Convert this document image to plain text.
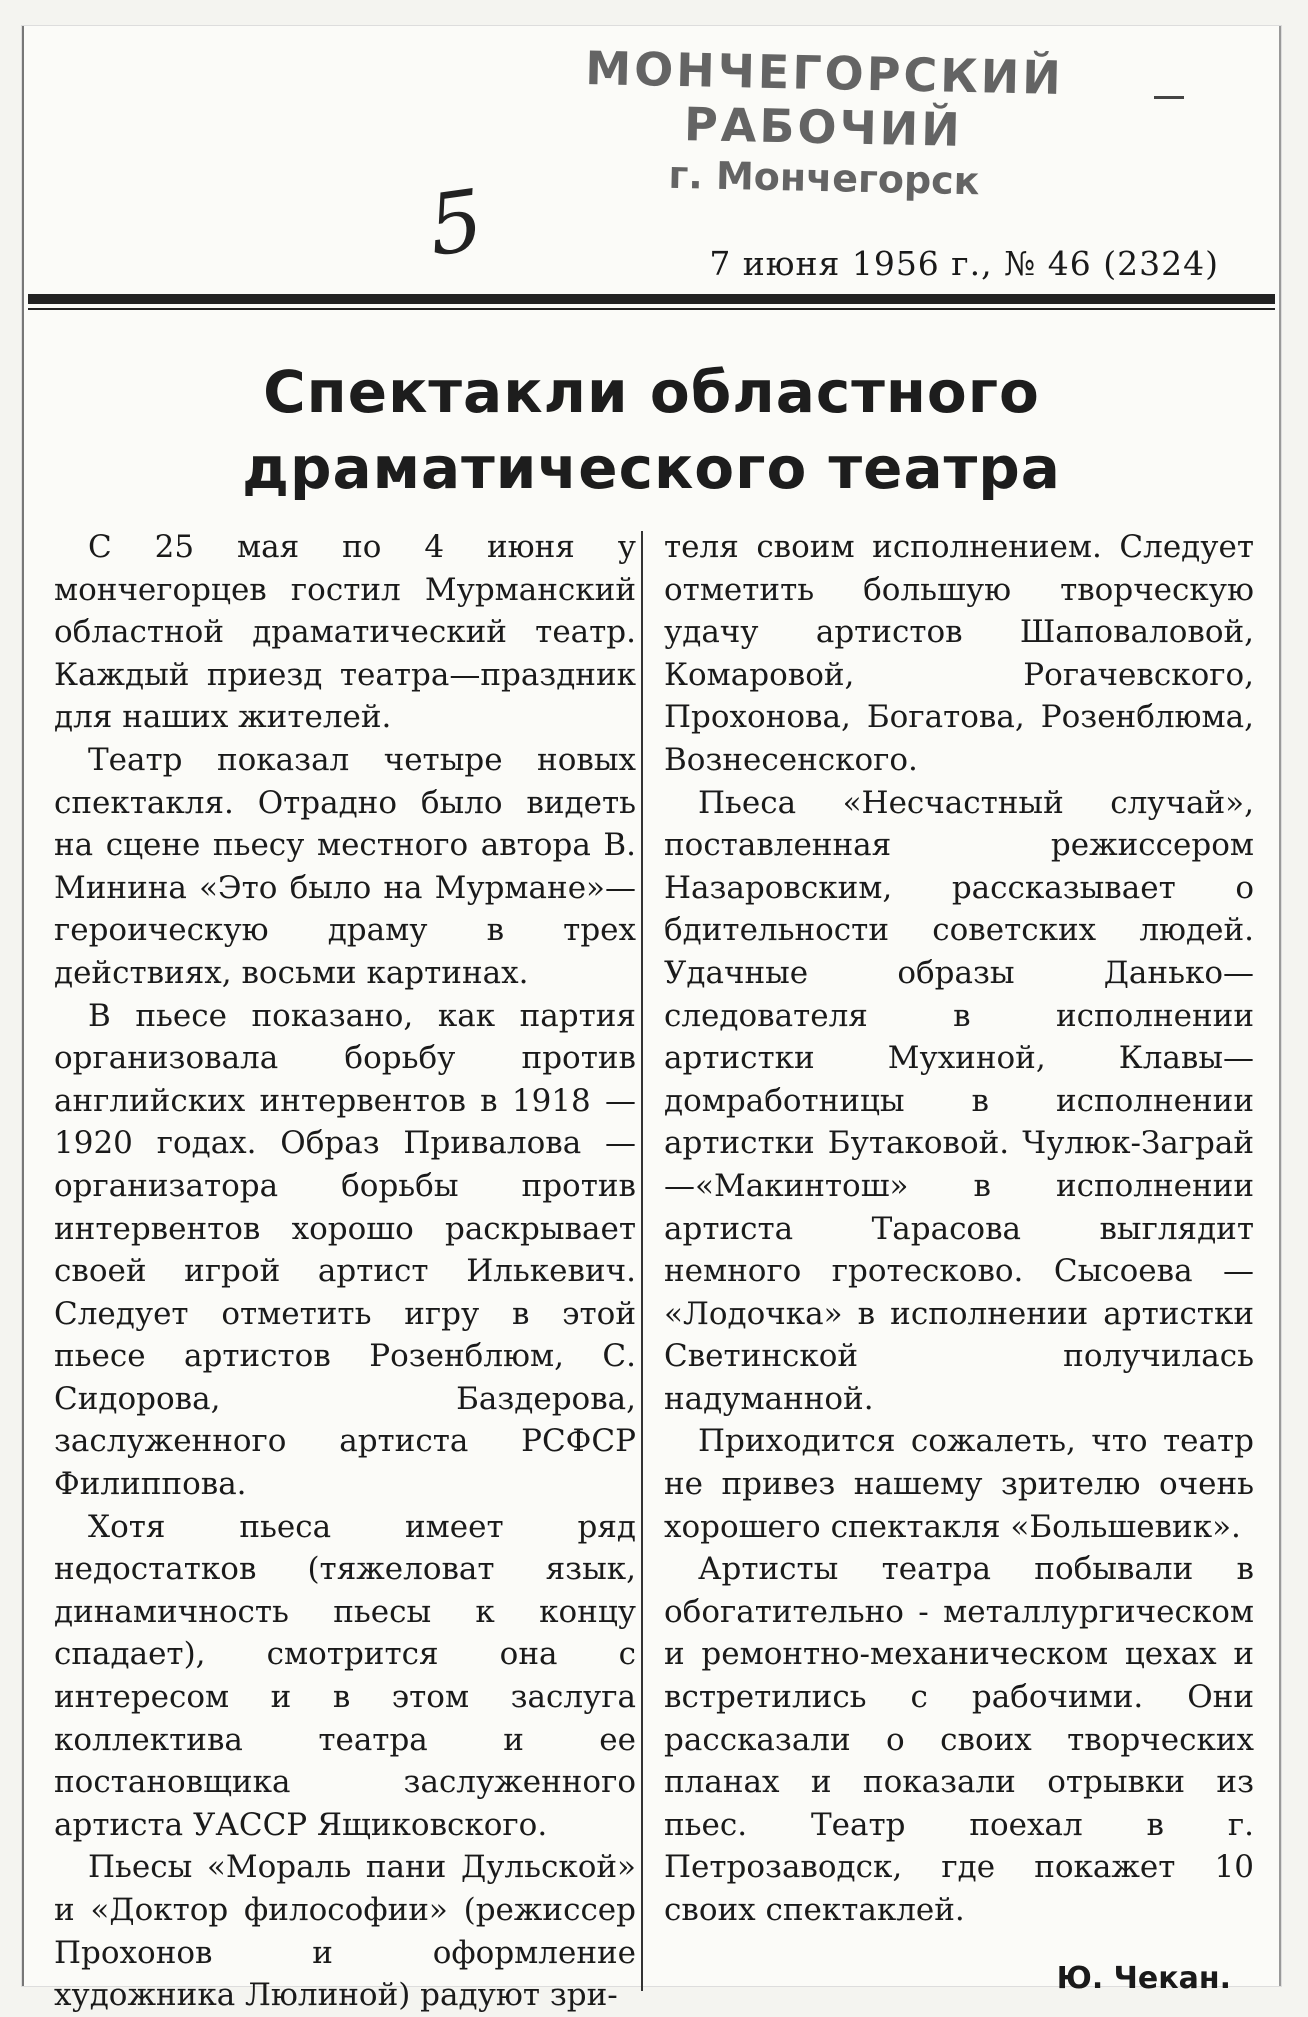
МОНЧЕГОРСКИЙ РАБОЧИЙ
г. Мончегорск
5	7 июня 1956 г., № 46 (2324)
Спектакли областного
драматического театра

С 25 мая по 4 июня у мончегорцев гостил Мурманский областной драматический театр. Каждый приезд театра—праздник для наших жителей.

Театр показал четыре новых спектакля. Отрадно было видеть на сцене пьесу местного автора В. Минина «Это было на Мурмане»—героическую драму в трех действиях, восьми картинах.

В пьесе показано, как партия организовала борьбу против английских интервентов в 1918 — 1920 годах. Образ Привалова — организатора борьбы против интервентов хорошо раскрывает своей игрой артист Илькевич. Следует отметить игру в этой пьесе артистов Розенблюм, С. Сидорова, Баздерова, заслуженного артиста РСФСР Филиппова.

Хотя пьеса имеет ряд недостатков (тяжеловат язык, динамичность пьесы к концу спадает), смотрится она с интересом и в этом заслуга коллектива театра и ее постановщика заслуженного артиста УАССР Ящиковского.

Пьесы «Мораль пани Дульской» и «Доктор философии» (режиссер Прохонов и оформление художника Люлиной) радуют зри-

теля своим исполнением. Следует отметить большую творческую удачу артистов Шаповаловой, Комаровой, Рогачевского, Прохонова, Богатова, Розенблюма, Вознесенского.

Пьеса «Несчастный случай», поставленная режиссером Назаровским, рассказывает о бдительности советских людей. Удачные образы Данько—следователя в исполнении артистки Мухиной, Клавы—домработницы в исполнении артистки Бутаковой. Чулюк-Заграй—«Макинтош» в исполнении артиста Тарасова выглядит немного гротесково. Сысоева — «Лодочка» в исполнении артистки Светинской получилась надуманной.

Приходится сожалеть, что театр не привез нашему зрителю очень хорошего спектакля «Большевик».

Артисты театра побывали в обогатительно - металлургическом и ремонтно-механическом цехах и встретились с рабочими. Они рассказали о своих творческих планах и показали отрывки из пьес. Театр поехал в г. Петрозаводск, где покажет 10 своих спектаклей.

Ю. Чекан.
